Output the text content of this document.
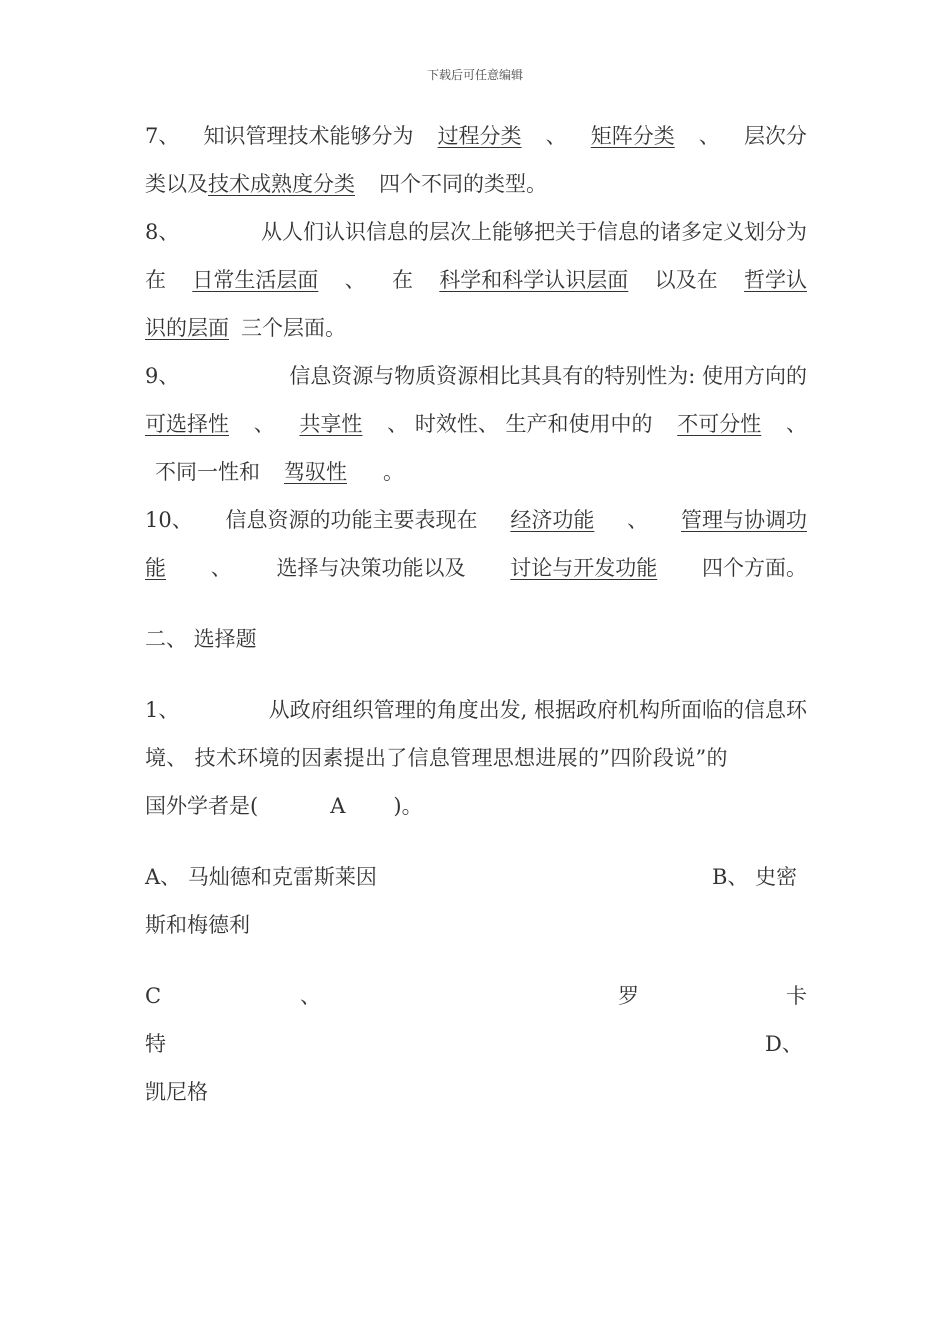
下载后可任意编辑
7、 知识管理技术能够分为 过程分类 、 矩阵分类 、 层次分
类以及技术成熟度分类 四个不同的类型。
8、	从人们认识信息的层次上能够把关于信息的诸多定义划分为
在 日常生活层面 、 在 科学和科学认识层面 以及在 哲学认
识的层面 三个层面。
9、	信息资源与物质资源相比其具有的特别性为: 使用方向的
可选择性 、 共享性 、 时效性、 生产和使用中的 不可分性 、
不同一性和 驾驭性 。
10、 信息资源的功能主要表现在 经济功能 、 管理与协调功
能 、 选择与决策功能以及 讨论与开发功能 四个方面。
二、 选择题
1、	从政府组织管理的角度出发, 根据政府机构所面临的信息环
境、 技术环境的因素提出了信息管理思想进展的”四阶段说”的
国外学者是(	A )。
A、 马灿德和克雷斯莱因	B、 史密
斯和梅德利
C	、	罗	卡
特	D、
凯尼格
